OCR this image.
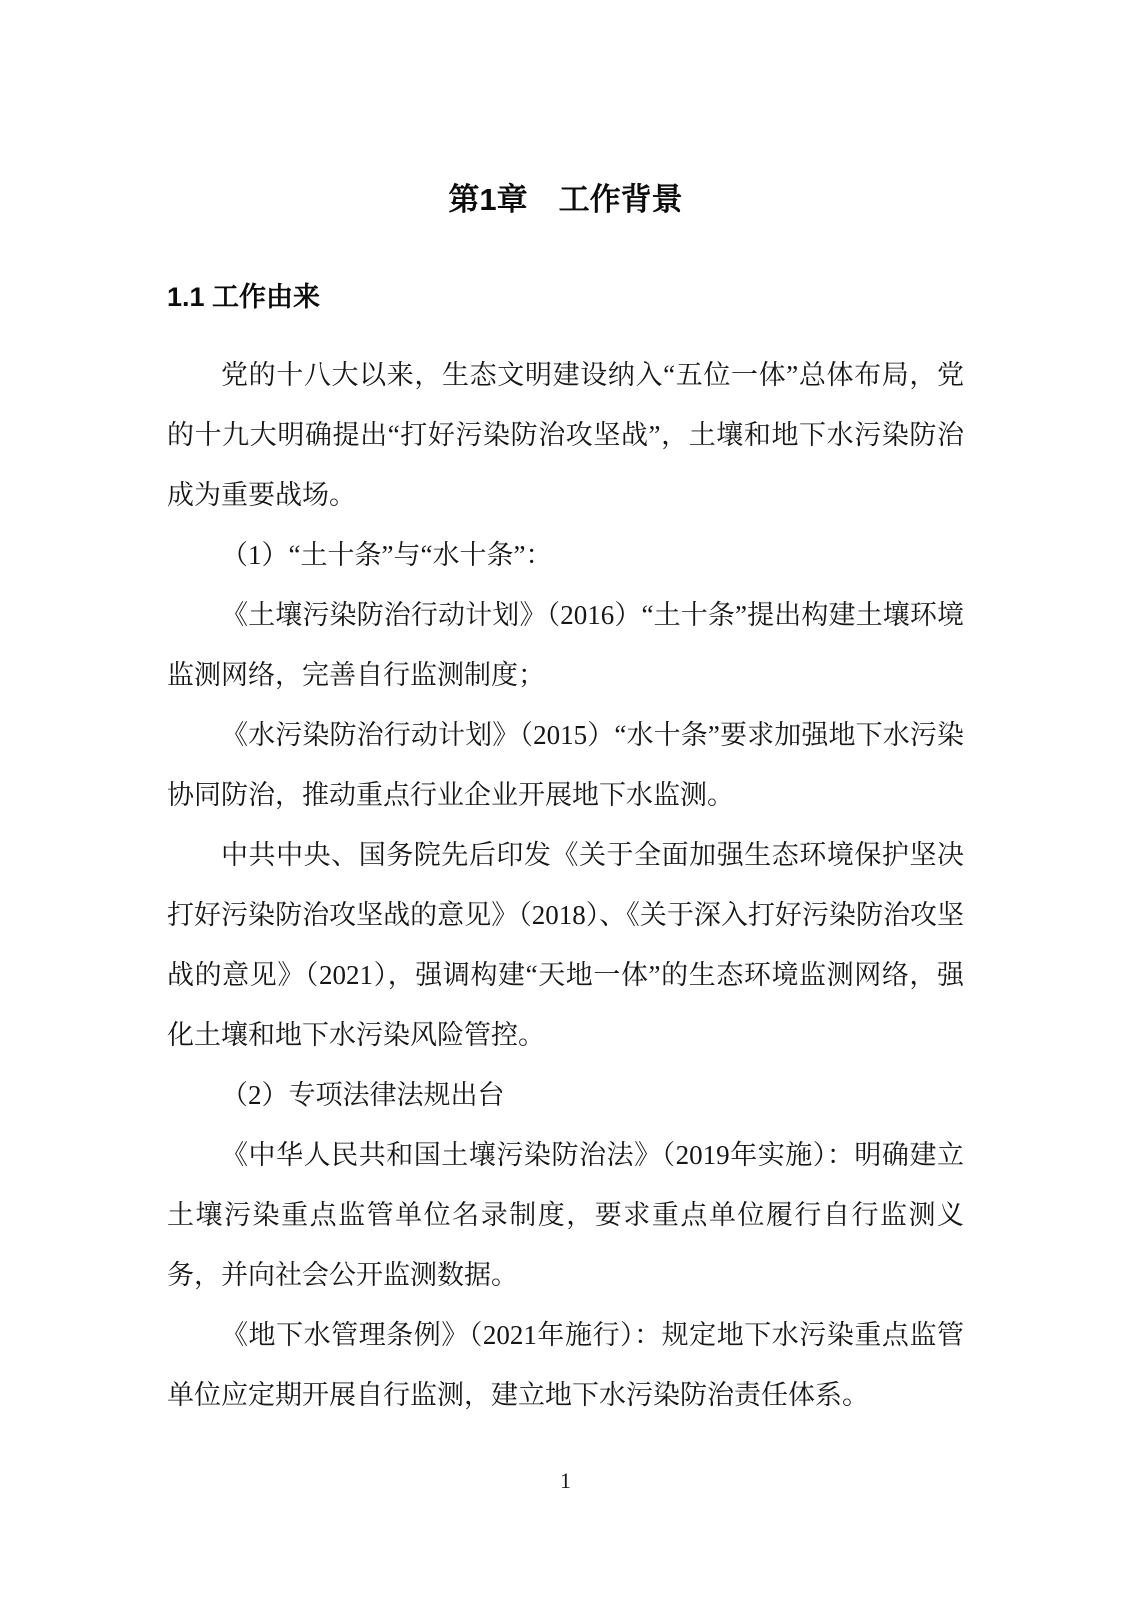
第1章　工作背景
1.1 工作由来

党的十八大以来，生态文明建设纳入“五位一体”总体布局，党的十九大明确提出“打好污染防治攻坚战”，土壤和地下水污染防治成为重要战场。

（1）“土十条”与“水十条”：

《土壤污染防治行动计划》（2016）“土十条”提出构建土壤环境监测网络，完善自行监测制度；

《水污染防治行动计划》（2015）“水十条”要求加强地下水污染协同防治，推动重点行业企业开展地下水监测。

中共中央、国务院先后印发《关于全面加强生态环境保护坚决打好污染防治攻坚战的意见》（2018）、《关于深入打好污染防治攻坚战的意见》（2021），强调构建“天地一体”的生态环境监测网络，强化土壤和地下水污染风险管控。

（2）专项法律法规出台

《中华人民共和国土壤污染防治法》（2019年实施）：明确建立土壤污染重点监管单位名录制度，要求重点单位履行自行监测义务，并向社会公开监测数据。

《地下水管理条例》（2021年施行）：规定地下水污染重点监管单位应定期开展自行监测，建立地下水污染防治责任体系。

1
